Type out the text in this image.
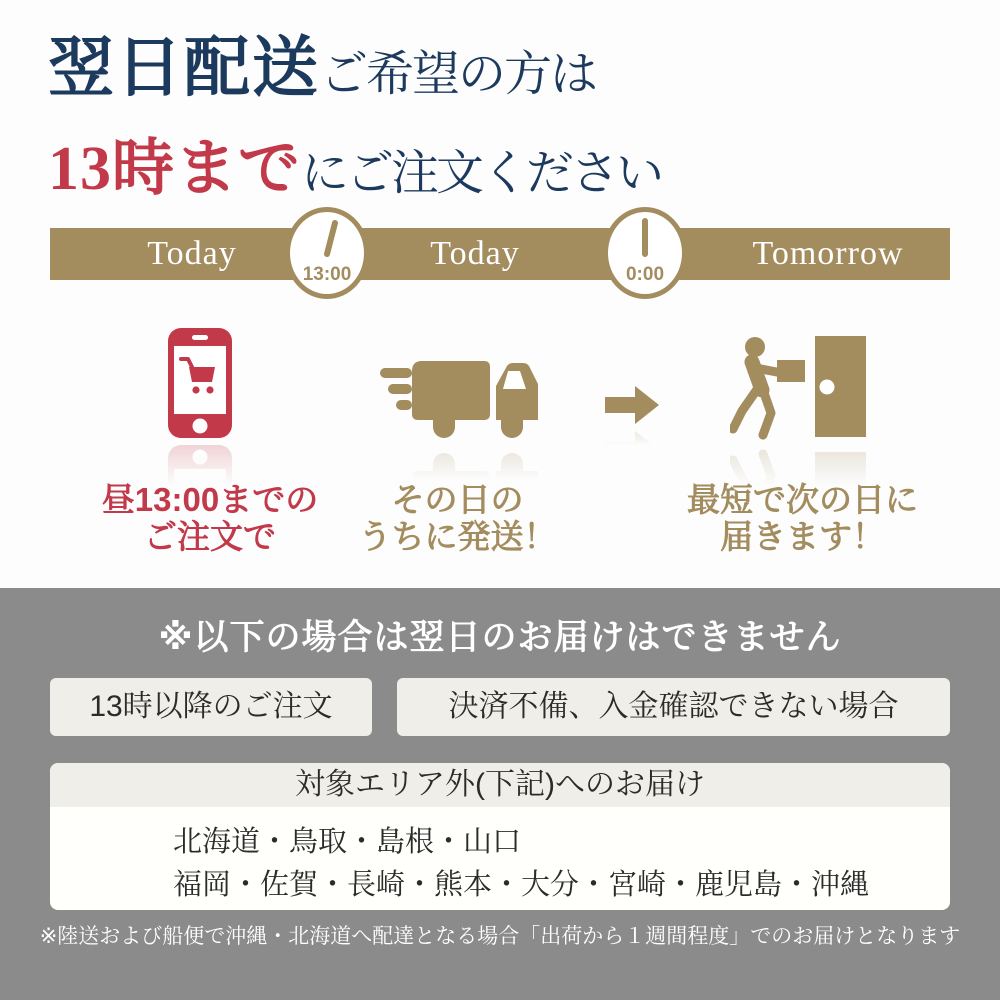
翌日配送ご希望の方は
13時までにご注文ください
Today	Today	Tomorrow
13:00	0:00
昼13:00までの
ご注文で
その日の
うちに発送！
最短で次の日に
届きます！
※以下の場合は翌日のお届けはできません
13時以降のご注文	決済不備、入金確認できない場合
対象エリア外(下記)へのお届け
北海道・鳥取・島根・山口
福岡・佐賀・長崎・熊本・大分・宮崎・鹿児島・沖縄
※陸送および船便で沖縄・北海道へ配達となる場合「出荷から１週間程度」でのお届けとなります
